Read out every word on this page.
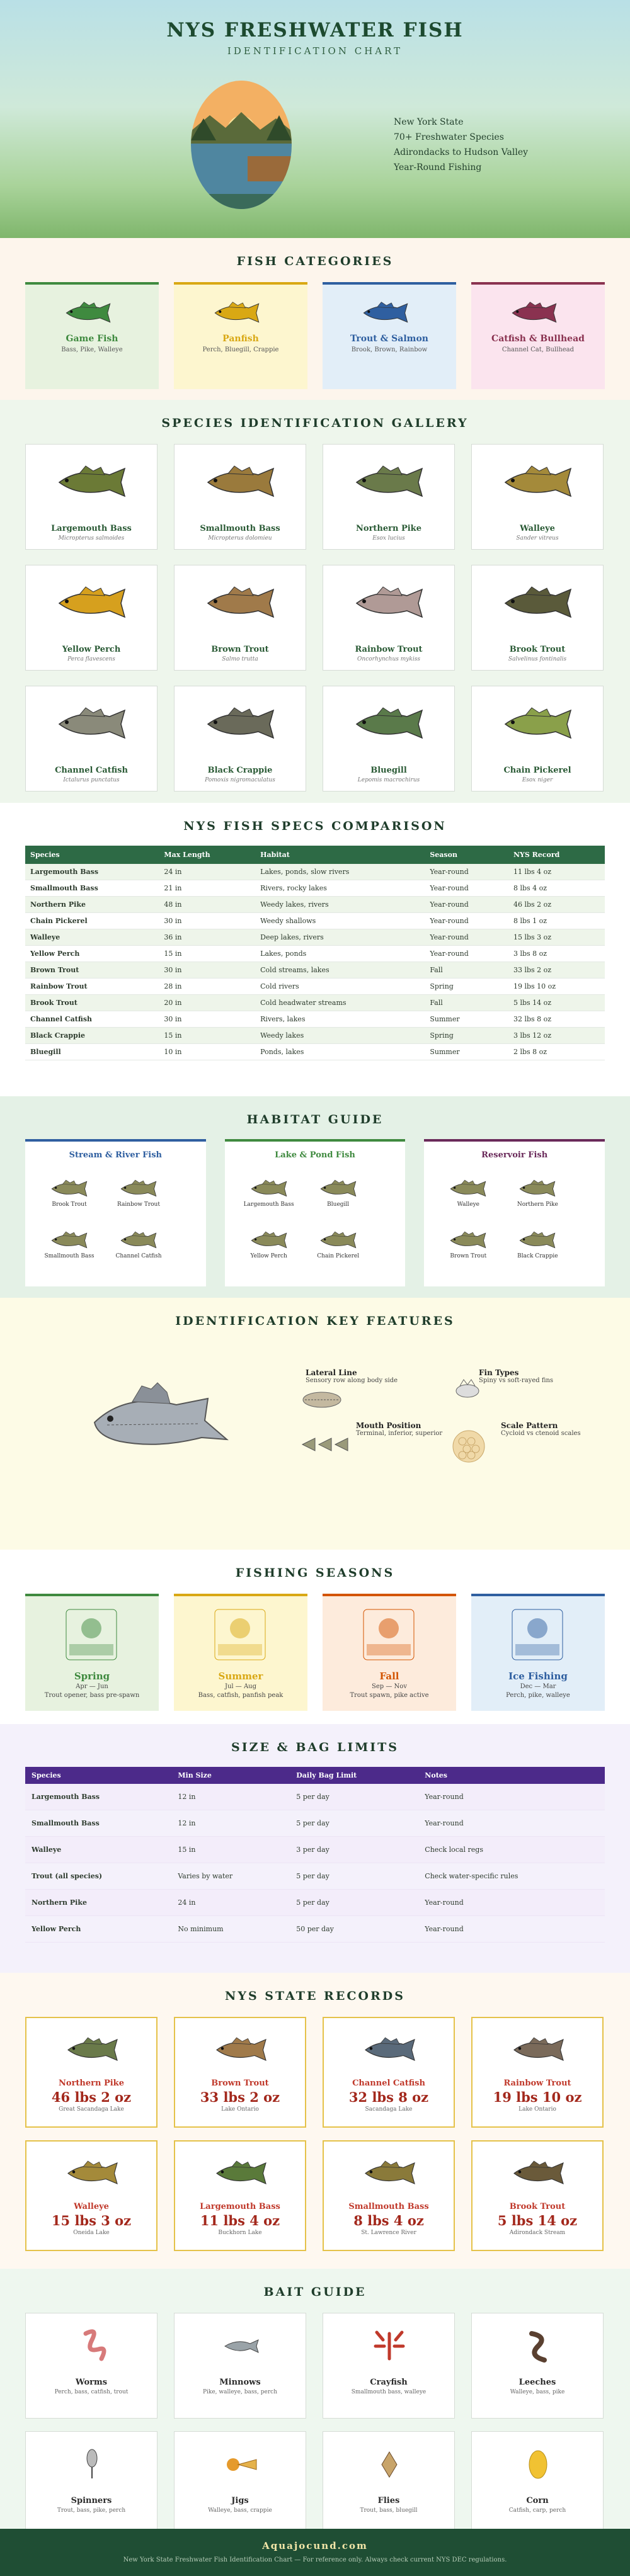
NYS FRESHWATER FISH
IDENTIFICATION CHART
New York State
70+ Freshwater Species
Adirondacks to Hudson Valley
Year-Round Fishing
FISH CATEGORIES
Game Fish
Bass, Pike, Walleye
Panfish
Perch, Bluegill, Crappie
Trout & Salmon
Brook, Brown, Rainbow
Catfish & Bullhead
Channel Cat, Bullhead
SPECIES IDENTIFICATION GALLERY
Largemouth Bass
Micropterus salmoides
Smallmouth Bass
Micropterus dolomieu
Northern Pike
Esox lucius
Walleye
Sander vitreus
Yellow Perch
Perca flavescens
Brown Trout
Salmo trutta
Rainbow Trout
Oncorhynchus mykiss
Brook Trout
Salvelinus fontinalis
Channel Catfish
Ictalurus punctatus
Black Crappie
Pomoxis nigromaculatus
Bluegill
Lepomis macrochirus
Chain Pickerel
Esox niger
NYS FISH SPECS COMPARISON
Species	Max Length	Habitat	Season	NYS Record
Largemouth Bass	24 in	Lakes, ponds, slow rivers	Year-round	11 lbs 4 oz
Smallmouth Bass	21 in	Rivers, rocky lakes	Year-round	8 lbs 4 oz
Northern Pike	48 in	Weedy lakes, rivers	Year-round	46 lbs 2 oz
Chain Pickerel	30 in	Weedy shallows	Year-round	8 lbs 1 oz
Walleye	36 in	Deep lakes, rivers	Year-round	15 lbs 3 oz
Yellow Perch	15 in	Lakes, ponds	Year-round	3 lbs 8 oz
Brown Trout	30 in	Cold streams, lakes	Fall	33 lbs 2 oz
Rainbow Trout	28 in	Cold rivers	Spring	19 lbs 10 oz
Brook Trout	20 in	Cold headwater streams	Fall	5 lbs 14 oz
Channel Catfish	30 in	Rivers, lakes	Summer	32 lbs 8 oz
Black Crappie	15 in	Weedy lakes	Spring	3 lbs 12 oz
Bluegill	10 in	Ponds, lakes	Summer	2 lbs 8 oz
HABITAT GUIDE
Stream & River Fish
Brook Trout	Rainbow Trout
Smallmouth Bass	Channel Catfish
Lake & Pond Fish
Largemouth Bass	Bluegill
Yellow Perch	Chain Pickerel
Reservoir Fish
Walleye	Northern Pike
Brown Trout	Black Crappie
IDENTIFICATION KEY FEATURES
Lateral Line
Sensory row along body side
Fin Types
Spiny vs soft-rayed fins
Mouth Position
Terminal, inferior, superior
Scale Pattern
Cycloid vs ctenoid scales
FISHING SEASONS
Spring
Apr — Jun
Trout opener, bass pre-spawn
Summer
Jul — Aug
Bass, catfish, panfish peak
Fall
Sep — Nov
Trout spawn, pike active
Ice Fishing
Dec — Mar
Perch, pike, walleye
SIZE & BAG LIMITS
Species	Min Size	Daily Bag Limit	Notes
Largemouth Bass	12 in	5 per day	Year-round
Smallmouth Bass	12 in	5 per day	Year-round
Walleye	15 in	3 per day	Check local regs
Trout (all species)	Varies by water	5 per day	Check water-specific rules
Northern Pike	24 in	5 per day	Year-round
Yellow Perch	No minimum	50 per day	Year-round
NYS STATE RECORDS
Northern Pike
46 lbs 2 oz
Great Sacandaga Lake
Brown Trout
33 lbs 2 oz
Lake Ontario
Channel Catfish
32 lbs 8 oz
Sacandaga Lake
Rainbow Trout
19 lbs 10 oz
Lake Ontario
Walleye
15 lbs 3 oz
Oneida Lake
Largemouth Bass
11 lbs 4 oz
Buckhorn Lake
Smallmouth Bass
8 lbs 4 oz
St. Lawrence River
Brook Trout
5 lbs 14 oz
Adirondack Stream
BAIT GUIDE
Worms
Perch, bass, catfish, trout
Minnows
Pike, walleye, bass, perch
Crayfish
Smallmouth bass, walleye
Leeches
Walleye, bass, pike
Spinners
Trout, bass, pike, perch
Jigs
Walleye, bass, crappie
Flies
Trout, bass, bluegill
Corn
Catfish, carp, perch
Aquajocund.com
New York State Freshwater Fish Identification Chart — For reference only. Always check current NYS DEC regulations.
